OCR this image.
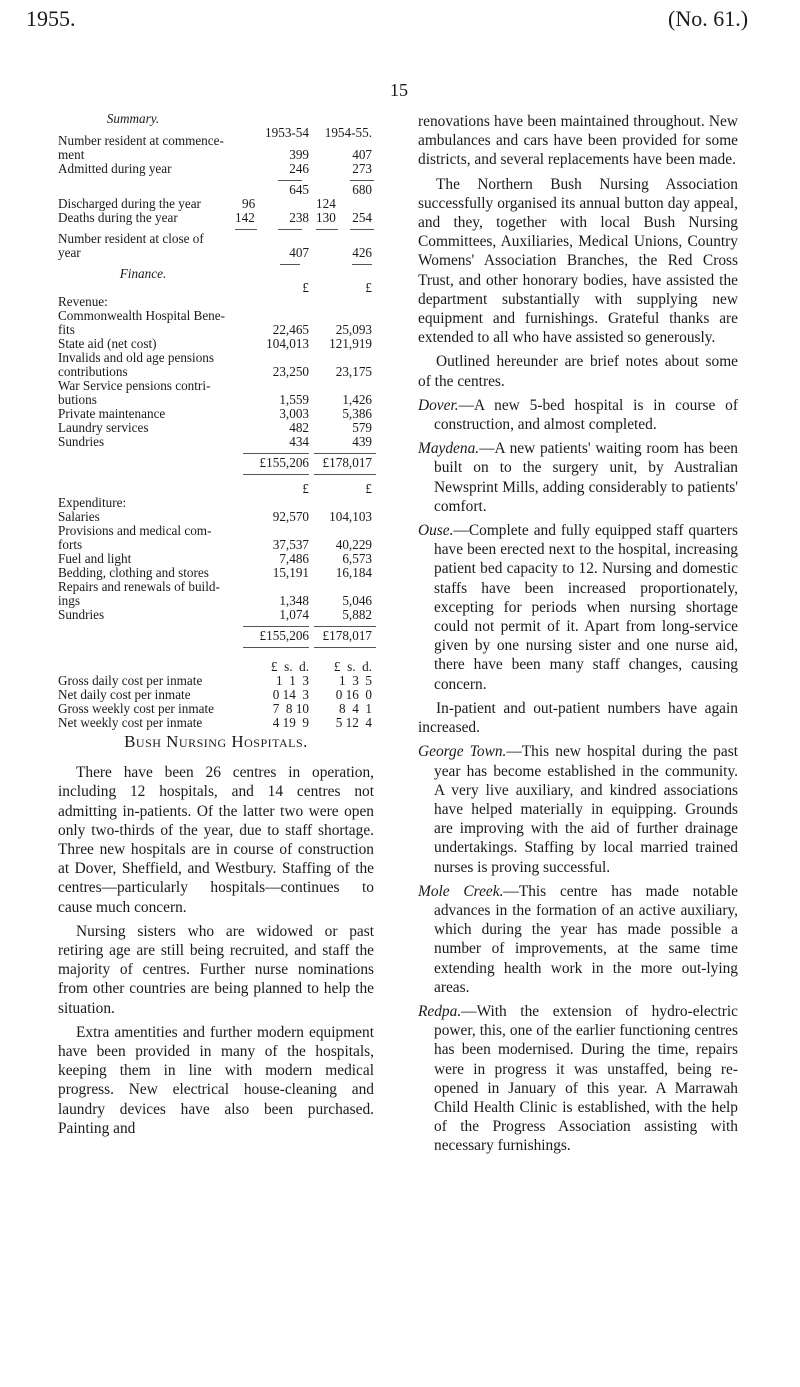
1955.
15
(No. 61.)
Summary.
Number resident at commence-
1953-54	1954-55.
ment	399	407
Admitted during year	246	273
645	680
Discharged during the year	96	124
Deaths during the year	142	130
238	254
Number resident at close of
year	407	426
Finance.
£	£
Revenue:
Commonwealth Hospital Bene-
fits	22,465	25,093
State aid (net cost)	104,013	121,919
Invalids and old age pensions
contributions	23,250	23,175
War Service pensions contri-
butions	1,559	1,426
Private maintenance	3,003	5,386
Laundry services	482	579
Sundries	434	439
£155,206	£178,017
£	£
Expenditure:
Salaries	92,570	104,103
Provisions and medical com-
forts	37,537	40,229
Fuel and light	7,486	6,573
Bedding, clothing and stores	15,191	16,184
Repairs and renewals of build-
ings	1,348	5,046
Sundries	1,074	5,882
£155,206	£178,017
£  s.  d.	£  s.  d.
Gross daily cost per inmate	1  1  3	1  3  5
Net daily cost per inmate	0 14  3	0 16  0
Gross weekly cost per inmate	7  8 10	8  4  1
Net weekly cost per inmate	4 19  9	5 12  4
Bush Nursing Hospitals.

There have been 26 centres in operation, including 12 hospitals, and 14 centres not admitting in-patients. Of the latter two were open only two-thirds of the year, due to staff shortage. Three new hospitals are in course of construction at Dover, Sheffield, and Westbury. Staffing of the centres—particularly hospitals—continues to cause much concern.

Nursing sisters who are widowed or past retiring age are still being recruited, and staff the majority of centres. Further nurse nominations from other countries are being planned to help the situation.

Extra amentities and further modern equipment have been provided in many of the hospitals, keeping them in line with modern medical progress. New electrical house-cleaning and laundry devices have also been purchased. Painting and

renovations have been maintained throughout. New ambulances and cars have been provided for some districts, and several replacements have been made.

The Northern Bush Nursing Association successfully organised its annual button day appeal, and they, together with local Bush Nursing Committees, Auxiliaries, Medical Unions, Country Womens' Association Branches, the Red Cross Trust, and other honorary bodies, have assisted the department substantially with supplying new equipment and furnishings. Grateful thanks are extended to all who have assisted so generously.

Outlined hereunder are brief notes about some of the centres.

Dover.—A new 5-bed hospital is in course of construction, and almost completed.

Maydena.—A new patients' waiting room has been built on to the surgery unit, by Australian Newsprint Mills, adding considerably to patients' comfort.

Ouse.—Complete and fully equipped staff quarters have been erected next to the hospital, increasing patient bed capacity to 12. Nursing and domestic staffs have been increased proportionately, excepting for periods when nursing shortage could not permit of it. Apart from long-service given by one nursing sister and one nurse aid, there have been many staff changes, causing concern.

In-patient and out-patient numbers have again increased.

George Town.—This new hospital during the past year has become established in the community. A very live auxiliary, and kindred associations have helped materially in equipping. Grounds are improving with the aid of further drainage undertakings. Staffing by local married trained nurses is proving successful.

Mole Creek.—This centre has made notable advances in the formation of an active auxiliary, which during the year has made possible a number of improvements, at the same time extending health work in the more out-lying areas.

Redpa.—With the extension of hydro-electric power, this, one of the earlier functioning centres has been modernised. During the time, repairs were in progress it was unstaffed, being re-opened in January of this year. A Marrawah Child Health Clinic is established, with the help of the Progress Association assisting with necessary furnishings.
